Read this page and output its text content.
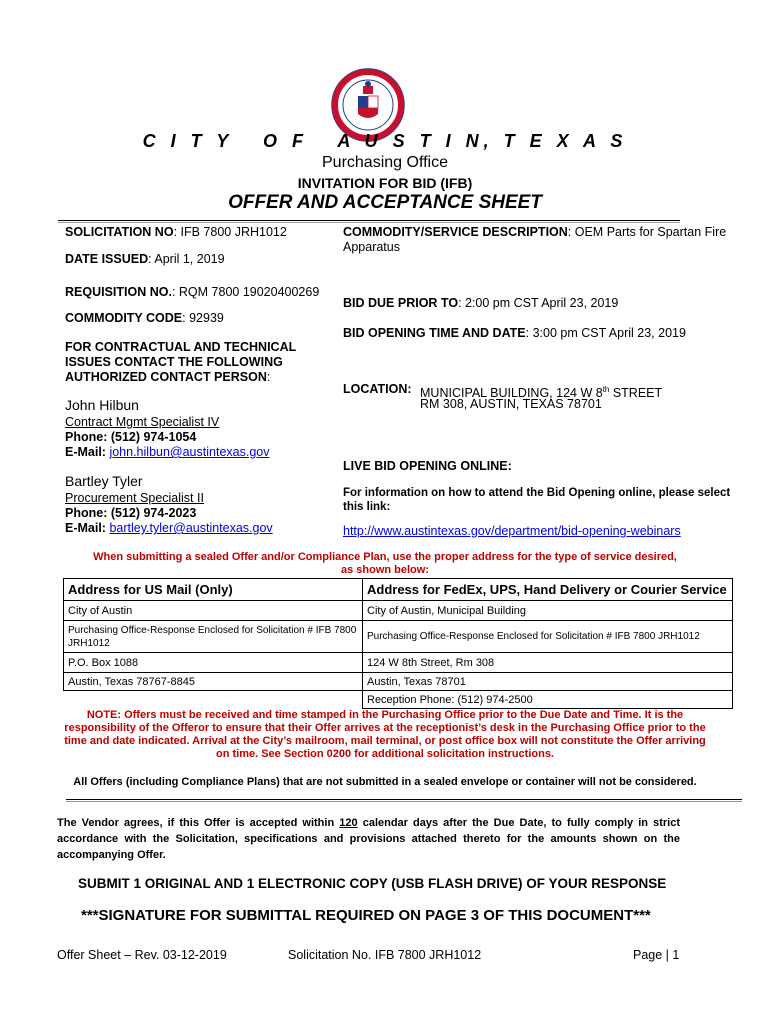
C I T Y   O F   A U S T I N, T E X A S
Purchasing Office
INVITATION FOR BID (IFB)
OFFER AND ACCEPTANCE SHEET
SOLICITATION NO: IFB 7800 JRH1012
DATE ISSUED: April 1, 2019
REQUISITION NO.: RQM 7800 19020400269
COMMODITY CODE: 92939
FOR CONTRACTUAL AND TECHNICAL
ISSUES CONTACT THE FOLLOWING
AUTHORIZED CONTACT PERSON:
John Hilbun
Contract Mgmt Specialist IV
Phone: (512) 974-1054
E-Mail: john.hilbun@austintexas.gov
Bartley Tyler
Procurement Specialist II
Phone: (512) 974-2023
E-Mail: bartley.tyler@austintexas.gov
COMMODITY/SERVICE DESCRIPTION: OEM Parts for Spartan Fire
Apparatus
BID DUE PRIOR TO: 2:00 pm CST April 23, 2019
BID OPENING TIME AND DATE: 3:00 pm CST April 23, 2019
LOCATION: MUNICIPAL BUILDING, 124 W 8th STREET
RM 308, AUSTIN, TEXAS 78701
LIVE BID OPENING ONLINE:
For information on how to attend the Bid Opening online, please select
this link:
http://www.austintexas.gov/department/bid-opening-webinars
When submitting a sealed Offer and/or Compliance Plan, use the proper address for the type of service desired,
as shown below:
Address for US Mail (Only)	Address for FedEx, UPS, Hand Delivery or Courier Service
City of Austin	City of Austin, Municipal Building
Purchasing Office-Response Enclosed for Solicitation # IFB 7800 JRH1012	Purchasing Office-Response Enclosed for Solicitation # IFB 7800 JRH1012
P.O. Box 1088	124 W 8th Street, Rm 308
Austin, Texas 78767-8845	Austin, Texas 78701
	Reception Phone: (512) 974-2500
NOTE: Offers must be received and time stamped in the Purchasing Office prior to the Due Date and Time. It is the
responsibility of the Offeror to ensure that their Offer arrives at the receptionist’s desk in the Purchasing Office prior to the
time and date indicated. Arrival at the City’s mailroom, mail terminal, or post office box will not constitute the Offer arriving
on time. See Section 0200 for additional solicitation instructions.
All Offers (including Compliance Plans) that are not submitted in a sealed envelope or container will not be considered.
The Vendor agrees, if this Offer is accepted within 120 calendar days after the Due Date, to fully comply in strict
accordance with the Solicitation, specifications and provisions attached thereto for the amounts shown on the
accompanying Offer.
SUBMIT 1 ORIGINAL AND 1 ELECTRONIC COPY (USB FLASH DRIVE) OF YOUR RESPONSE
***SIGNATURE FOR SUBMITTAL REQUIRED ON PAGE 3 OF THIS DOCUMENT***
Offer Sheet – Rev. 03-12-2019	Solicitation No. IFB 7800 JRH1012	Page | 1
